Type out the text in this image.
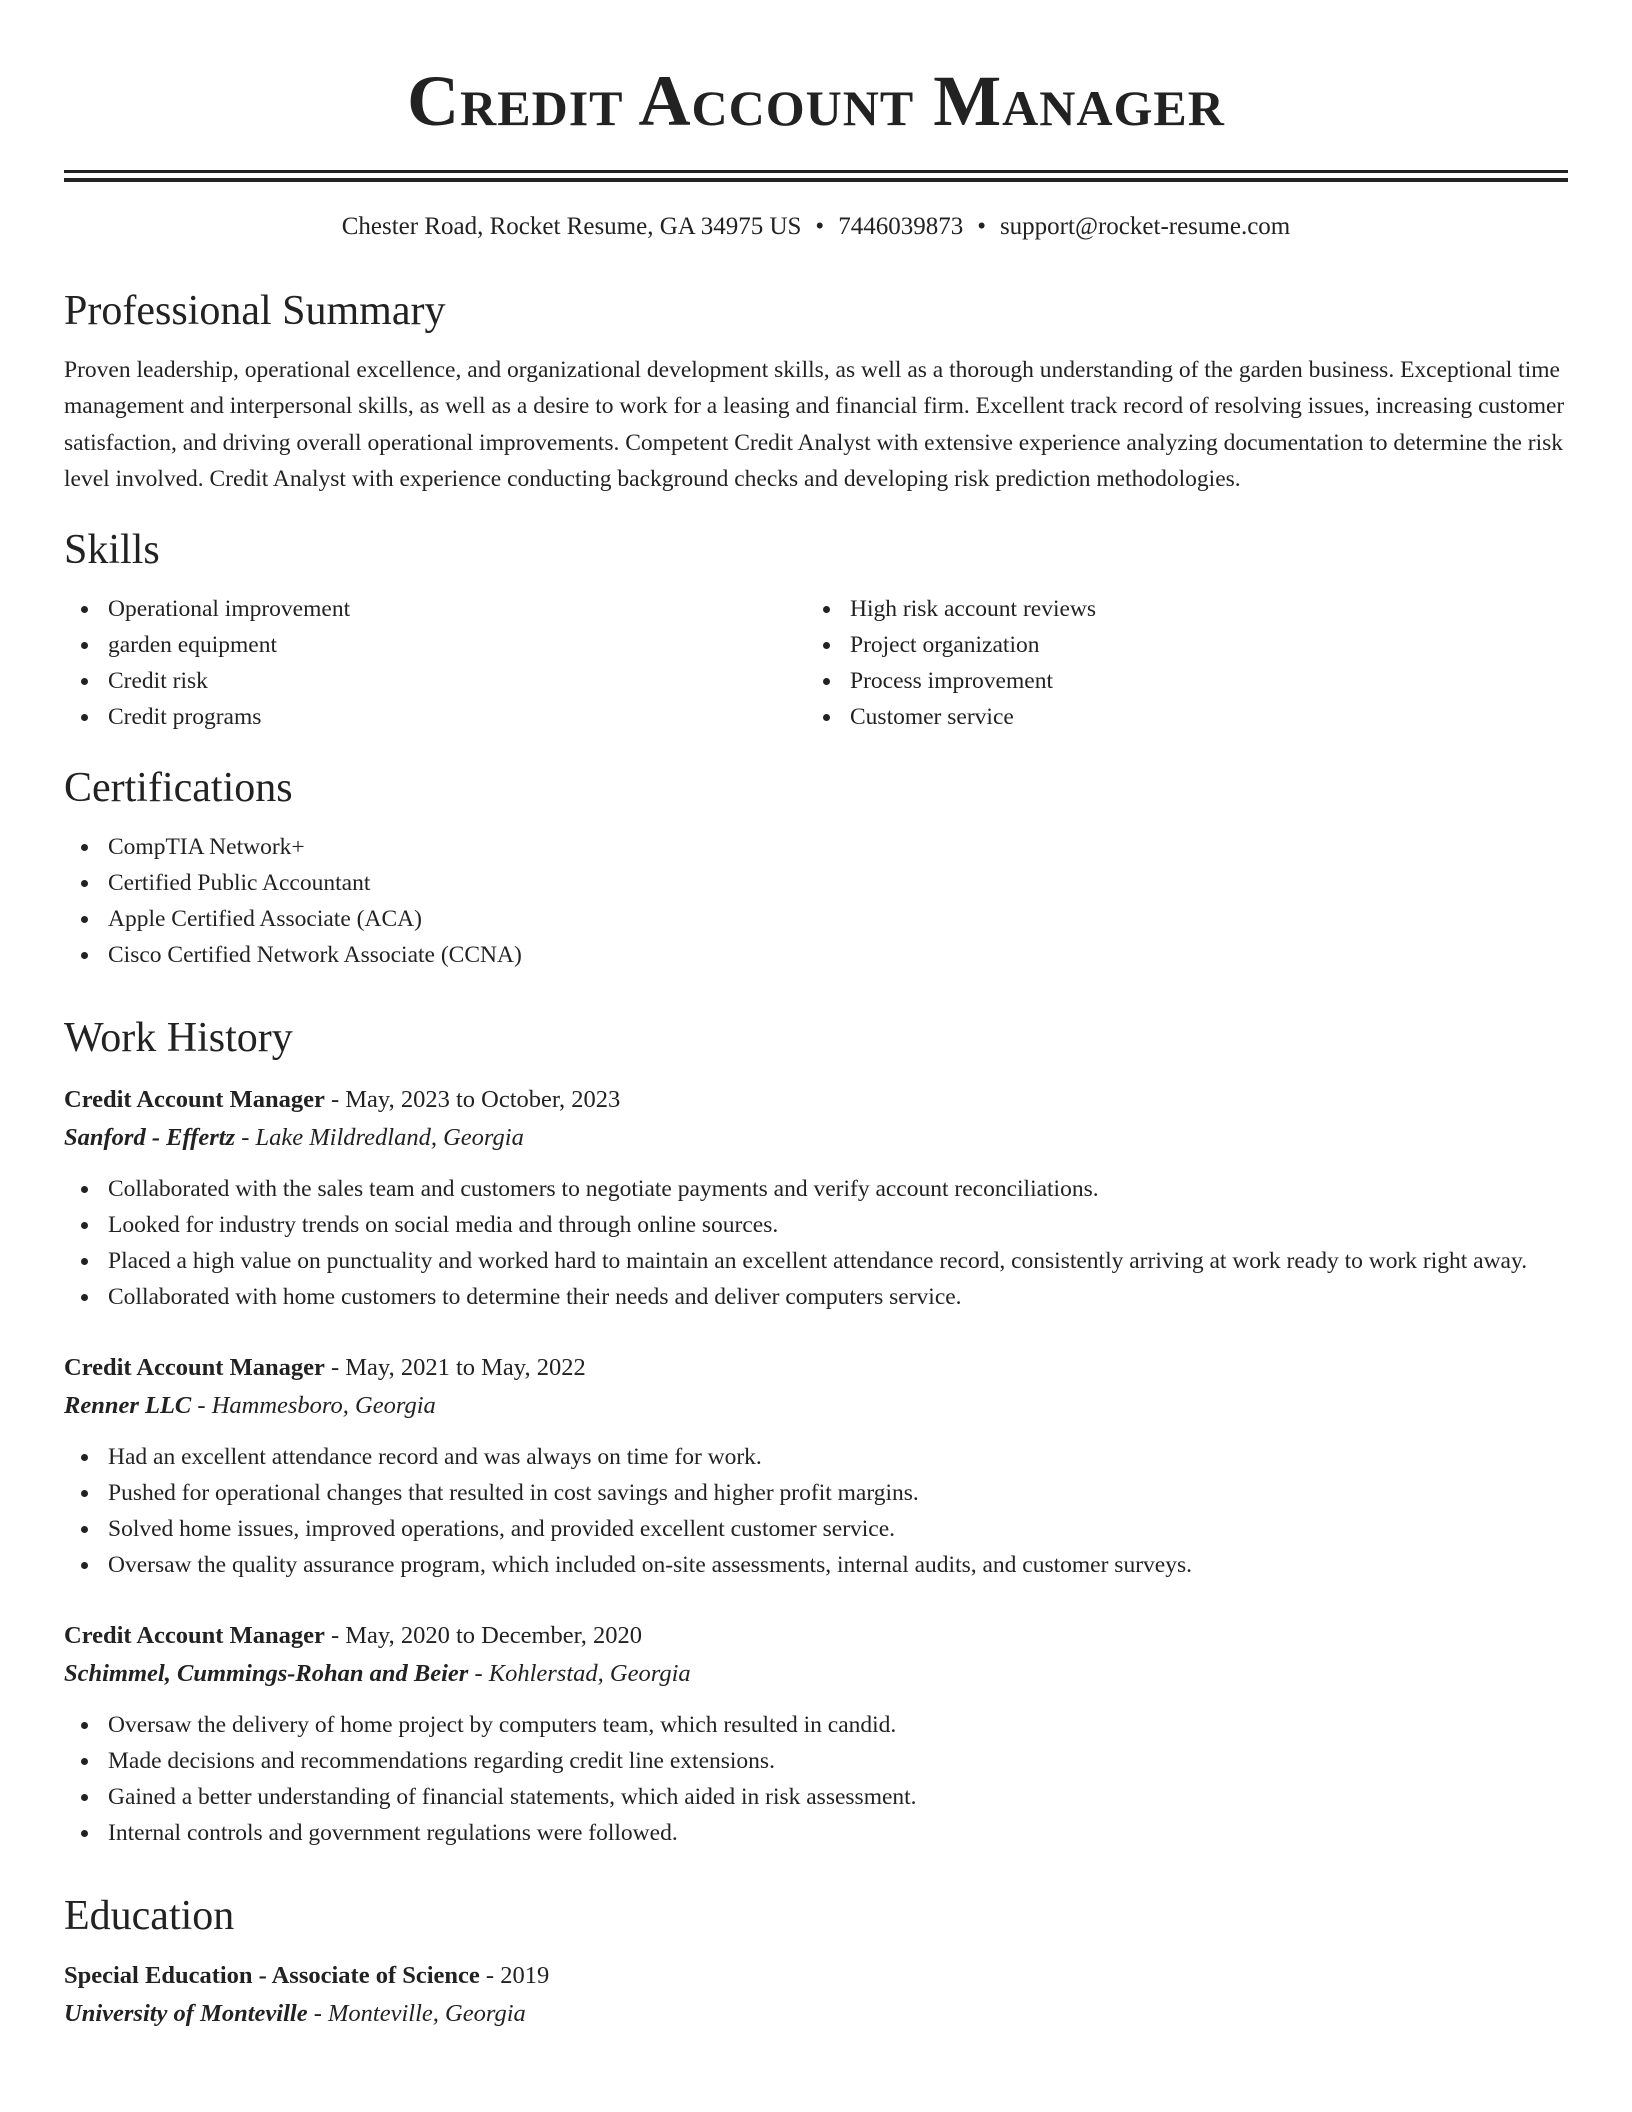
Credit Account Manager
Chester Road, Rocket Resume, GA 34975 US • 7446039873 • support@rocket-resume.com
Professional Summary
Proven leadership, operational excellence, and organizational development skills, as well as a thorough understanding of the garden business. Exceptional time management and interpersonal skills, as well as a desire to work for a leasing and financial firm. Excellent track record of resolving issues, increasing customer satisfaction, and driving overall operational improvements. Competent Credit Analyst with extensive experience analyzing documentation to determine the risk level involved. Credit Analyst with experience conducting background checks and developing risk prediction methodologies.
Skills
Operational improvement
garden equipment
Credit risk
Credit programs
High risk account reviews
Project organization
Process improvement
Customer service
Certifications
CompTIA Network+
Certified Public Accountant
Apple Certified Associate (ACA)
Cisco Certified Network Associate (CCNA)
Work History
Credit Account Manager - May, 2023 to October, 2023
Sanford - Effertz - Lake Mildredland, Georgia
Collaborated with the sales team and customers to negotiate payments and verify account reconciliations.
Looked for industry trends on social media and through online sources.
Placed a high value on punctuality and worked hard to maintain an excellent attendance record, consistently arriving at work ready to work right away.
Collaborated with home customers to determine their needs and deliver computers service.
Credit Account Manager - May, 2021 to May, 2022
Renner LLC - Hammesboro, Georgia
Had an excellent attendance record and was always on time for work.
Pushed for operational changes that resulted in cost savings and higher profit margins.
Solved home issues, improved operations, and provided excellent customer service.
Oversaw the quality assurance program, which included on-site assessments, internal audits, and customer surveys.
Credit Account Manager - May, 2020 to December, 2020
Schimmel, Cummings-Rohan and Beier - Kohlerstad, Georgia
Oversaw the delivery of home project by computers team, which resulted in candid.
Made decisions and recommendations regarding credit line extensions.
Gained a better understanding of financial statements, which aided in risk assessment.
Internal controls and government regulations were followed.
Education
Special Education - Associate of Science - 2019
University of Monteville - Monteville, Georgia
